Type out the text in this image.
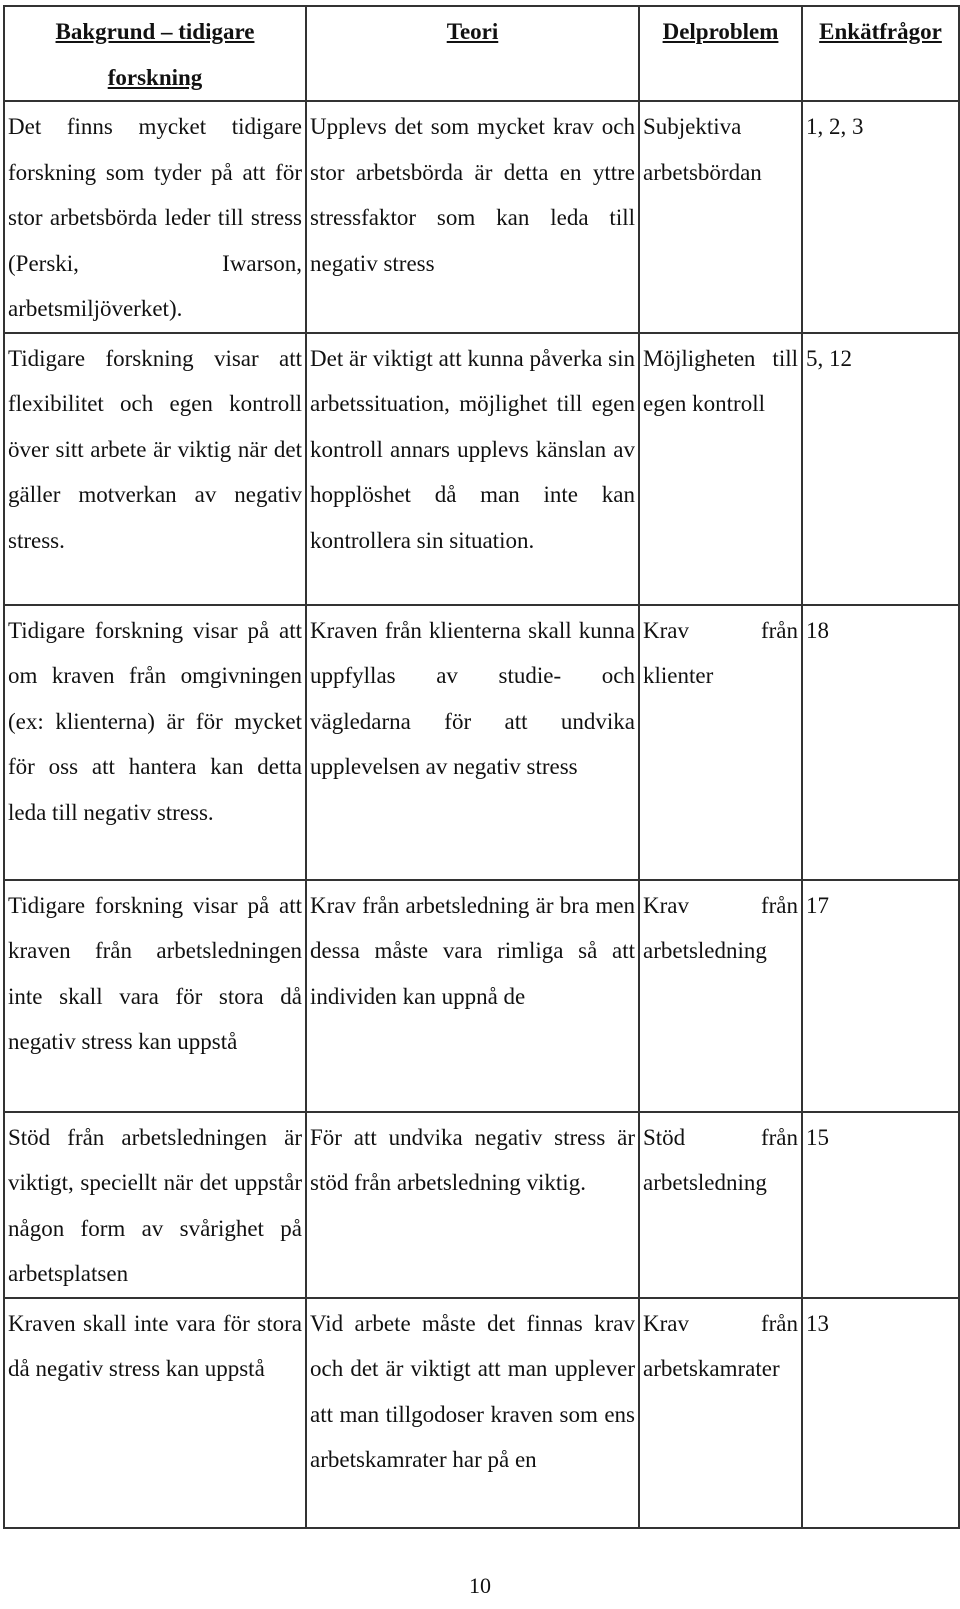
Bakgrund – tidigare forskning	Teori	Delproblem	Enkätfrågor
Det finns mycket tidigare forskning som tyder på att för stor arbetsbörda leder till stress (Perski, Iwarson, arbetsmiljöverket).	Upplevs det som mycket krav och stor arbetsbörda är detta en yttre stressfaktor som kan leda till negativ stress	Subjektiva arbetsbördan	1, 2, 3
Tidigare forskning visar att flexibilitet och egen kontroll över sitt arbete är viktig när det gäller motverkan av negativ stress.	Det är viktigt att kunna påverka sin arbetssituation, möjlighet till egen kontroll annars upplevs känslan av hopplöshet då man inte kan kontrollera sin situation.	Möjligheten till egen kontroll	5, 12
Tidigare forskning visar på att om kraven från omgivningen (ex: klienterna) är för mycket för oss att hantera kan detta leda till negativ stress.	Kraven från klienterna skall kunna uppfyllas av studie- och vägledarna för att undvika upplevelsen av negativ stress	Krav från klienter	18
Tidigare forskning visar på att kraven från arbetsledningen inte skall vara för stora då negativ stress kan uppstå	Krav från arbetsledning är bra men dessa måste vara rimliga så att individen kan uppnå de	Krav från arbetsledning	17
Stöd från arbetsledningen är viktigt, speciellt när det uppstår någon form av svårighet på arbetsplatsen	För att undvika negativ stress är stöd från arbetsledning viktig.	Stöd från arbetsledning	15
Kraven skall inte vara för stora då negativ stress kan uppstå	Vid arbete måste det finnas krav och det är viktigt att man upplever att man tillgodoser kraven som ens arbetskamrater har på en	Krav från arbetskamrater	13
10
